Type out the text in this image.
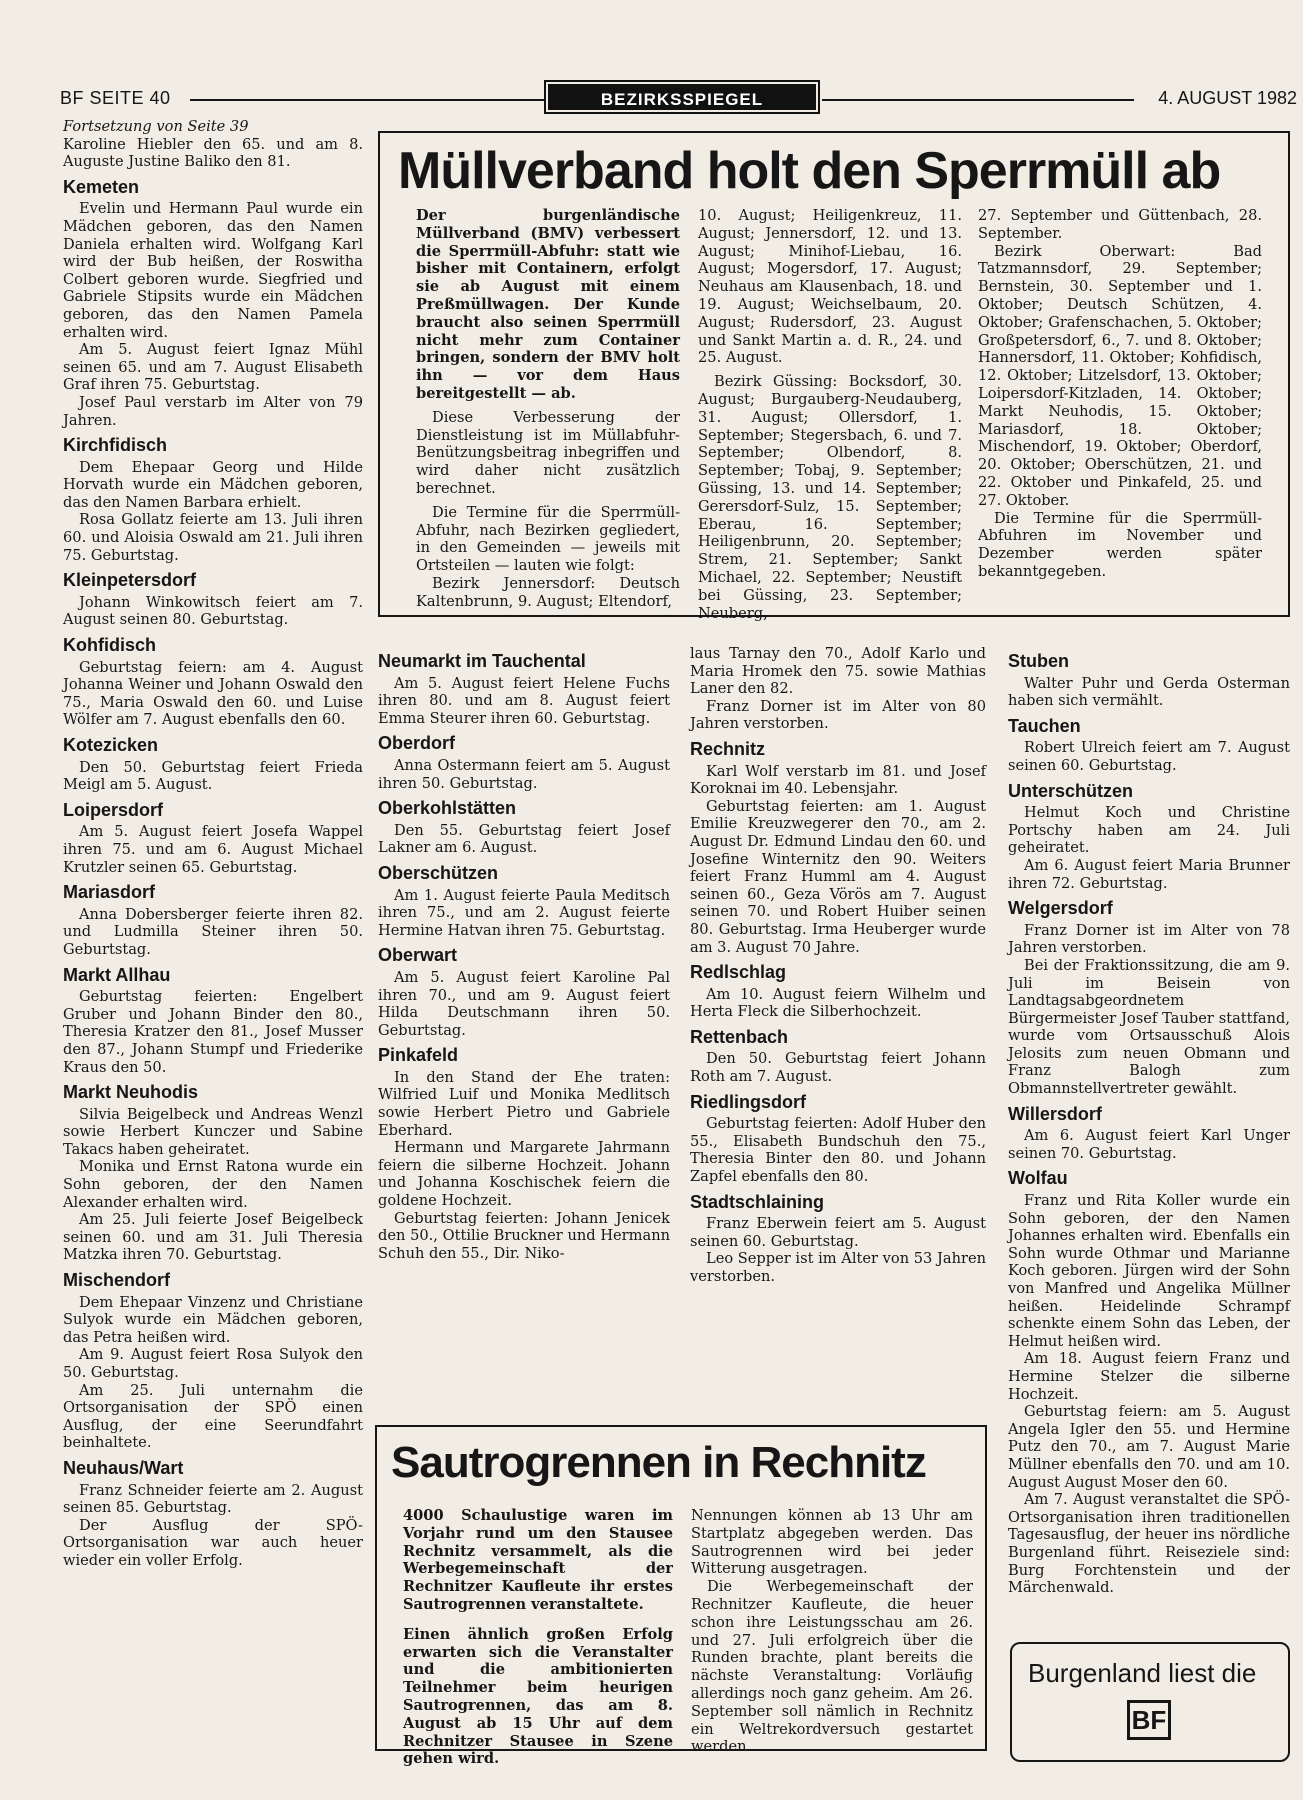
BF SEITE 40	BEZIRKSSPIEGEL	4. AUGUST 1982

Fortsetzung von Seite 39

Karoline Hiebler den 65. und am 8. Auguste Justine Baliko den 81.

Kemeten

Evelin und Hermann Paul wurde ein Mädchen geboren, das den Namen Daniela erhalten wird. Wolfgang Karl wird der Bub heißen, der Roswitha Colbert geboren wurde. Siegfried und Gabriele Stipsits wurde ein Mädchen geboren, das den Namen Pamela erhalten wird.

Am 5. August feiert Ignaz Mühl seinen 65. und am 7. August Elisabeth Graf ihren 75. Geburtstag.

Josef Paul verstarb im Alter von 79 Jahren.

Kirchfidisch

Dem Ehepaar Georg und Hilde Horvath wurde ein Mädchen geboren, das den Namen Barbara erhielt.

Rosa Gollatz feierte am 13. Juli ihren 60. und Aloisia Oswald am 21. Juli ihren 75. Geburtstag.

Kleinpetersdorf

Johann Winkowitsch feiert am 7. August seinen 80. Geburtstag.

Kohfidisch

Geburtstag feiern: am 4. August Johanna Weiner und Johann Oswald den 75., Maria Oswald den 60. und Luise Wölfer am 7. August ebenfalls den 60.

Kotezicken

Den 50. Geburtstag feiert Frieda Meigl am 5. August.

Loipersdorf

Am 5. August feiert Josefa Wappel ihren 75. und am 6. August Michael Krutzler seinen 65. Geburtstag.

Mariasdorf

Anna Dobersberger feierte ihren 82. und Ludmilla Steiner ihren 50. Geburtstag.

Markt Allhau

Geburtstag feierten: Engelbert Gruber und Johann Binder den 80., Theresia Kratzer den 81., Josef Musser den 87., Johann Stumpf und Friederike Kraus den 50.

Markt Neuhodis

Silvia Beigelbeck und Andreas Wenzl sowie Herbert Kunczer und Sabine Takacs haben geheiratet.

Monika und Ernst Ratona wurde ein Sohn geboren, der den Namen Alexander erhalten wird.

Am 25. Juli feierte Josef Beigelbeck seinen 60. und am 31. Juli Theresia Matzka ihren 70. Geburtstag.

Mischendorf

Dem Ehepaar Vinzenz und Christiane Sulyok wurde ein Mädchen geboren, das Petra heißen wird.

Am 9. August feiert Rosa Sulyok den 50. Geburtstag.

Am 25. Juli unternahm die Ortsorganisation der SPÖ einen Ausflug, der eine Seerundfahrt beinhaltete.

Neuhaus/Wart

Franz Schneider feierte am 2. August seinen 85. Geburtstag.

Der Ausflug der SPÖ-Ortsorganisation war auch heuer wieder ein voller Erfolg.

Müllverband holt den Sperrmüll ab

Der burgenländische Müllverband (BMV) verbessert die Sperrmüll-Abfuhr: statt wie bisher mit Containern, erfolgt sie ab August mit einem Preßmüllwagen. Der Kunde braucht also seinen Sperrmüll nicht mehr zum Container bringen, sondern der BMV holt ihn — vor dem Haus bereitgestellt — ab.

Diese Verbesserung der Dienstleistung ist im Müllabfuhr-Benützungsbeitrag inbegriffen und wird daher nicht zusätzlich berechnet.

Die Termine für die Sperrmüll-Abfuhr, nach Bezirken gegliedert, in den Gemeinden — jeweils mit Ortsteilen — lauten wie folgt:

Bezirk Jennersdorf: Deutsch Kaltenbrunn, 9. August; Eltendorf,

10. August; Heiligenkreuz, 11. August; Jennersdorf, 12. und 13. August; Minihof-Liebau, 16. August; Mogersdorf, 17. August; Neuhaus am Klausenbach, 18. und 19. August; Weichselbaum, 20. August; Rudersdorf, 23. August und Sankt Martin a. d. R., 24. und 25. August.

Bezirk Güssing: Bocksdorf, 30. August; Burgauberg-Neudauberg, 31. August; Ollersdorf, 1. September; Stegersbach, 6. und 7. September; Olbendorf, 8. September; Tobaj, 9. September; Güssing, 13. und 14. September; Gerersdorf-Sulz, 15. September; Eberau, 16. September; Heiligenbrunn, 20. September; Strem, 21. September; Sankt Michael, 22. September; Neustift bei Güssing, 23. September; Neuberg,

27. September und Güttenbach, 28. September.

Bezirk Oberwart: Bad Tatzmannsdorf, 29. September; Bernstein, 30. September und 1. Oktober; Deutsch Schützen, 4. Oktober; Grafenschachen, 5. Oktober; Großpetersdorf, 6., 7. und 8. Oktober; Hannersdorf, 11. Oktober; Kohfidisch, 12. Oktober; Litzelsdorf, 13. Oktober; Loipersdorf-Kitzladen, 14. Oktober; Markt Neuhodis, 15. Oktober; Mariasdorf, 18. Oktober; Mischendorf, 19. Oktober; Oberdorf, 20. Oktober; Oberschützen, 21. und 22. Oktober und Pinkafeld, 25. und 27. Oktober.

Die Termine für die Sperrmüll-Abfuhren im November und Dezember werden später bekanntgegeben.

Neumarkt im Tauchental

Am 5. August feiert Helene Fuchs ihren 80. und am 8. August feiert Emma Steurer ihren 60. Geburtstag.

Oberdorf

Anna Ostermann feiert am 5. August ihren 50. Geburtstag.

Oberkohlstätten

Den 55. Geburtstag feiert Josef Lakner am 6. August.

Oberschützen

Am 1. August feierte Paula Meditsch ihren 75., und am 2. August feierte Hermine Hatvan ihren 75. Geburtstag.

Oberwart

Am 5. August feiert Karoline Pal ihren 70., und am 9. August feiert Hilda Deutschmann ihren 50. Geburtstag.

Pinkafeld

In den Stand der Ehe traten: Wilfried Luif und Monika Medlitsch sowie Herbert Pietro und Gabriele Eberhard.

Hermann und Margarete Jahrmann feiern die silberne Hochzeit. Johann und Johanna Koschischek feiern die goldene Hochzeit.

Geburtstag feierten: Johann Jenicek den 50., Ottilie Bruckner und Hermann Schuh den 55., Dir. Niko-

laus Tarnay den 70., Adolf Karlo und Maria Hromek den 75. sowie Mathias Laner den 82.

Franz Dorner ist im Alter von 80 Jahren verstorben.

Rechnitz

Karl Wolf verstarb im 81. und Josef Koroknai im 40. Lebensjahr.

Geburtstag feierten: am 1. August Emilie Kreuzwegerer den 70., am 2. August Dr. Edmund Lindau den 60. und Josefine Winternitz den 90. Weiters feiert Franz Humml am 4. August seinen 60., Geza Vörös am 7. August seinen 70. und Robert Huiber seinen 80. Geburtstag. Irma Heuberger wurde am 3. August 70 Jahre.

Redlschlag

Am 10. August feiern Wilhelm und Herta Fleck die Silberhochzeit.

Rettenbach

Den 50. Geburtstag feiert Johann Roth am 7. August.

Riedlingsdorf

Geburtstag feierten: Adolf Huber den 55., Elisabeth Bundschuh den 75., Theresia Binter den 80. und Johann Zapfel ebenfalls den 80.

Stadtschlaining

Franz Eberwein feiert am 5. August seinen 60. Geburtstag.

Leo Sepper ist im Alter von 53 Jahren verstorben.

Stuben

Walter Puhr und Gerda Osterman haben sich vermählt.

Tauchen

Robert Ulreich feiert am 7. August seinen 60. Geburtstag.

Unterschützen

Helmut Koch und Christine Portschy haben am 24. Juli geheiratet.

Am 6. August feiert Maria Brunner ihren 72. Geburtstag.

Welgersdorf

Franz Dorner ist im Alter von 78 Jahren verstorben.

Bei der Fraktionssitzung, die am 9. Juli im Beisein von Landtagsabgeordnetem Bürgermeister Josef Tauber stattfand, wurde vom Ortsausschuß Alois Jelosits zum neuen Obmann und Franz Balogh zum Obmannstellvertreter gewählt.

Willersdorf

Am 6. August feiert Karl Unger seinen 70. Geburtstag.

Wolfau

Franz und Rita Koller wurde ein Sohn geboren, der den Namen Johannes erhalten wird. Ebenfalls ein Sohn wurde Othmar und Marianne Koch geboren. Jürgen wird der Sohn von Manfred und Angelika Müllner heißen. Heidelinde Schrampf schenkte einem Sohn das Leben, der Helmut heißen wird.

Am 18. August feiern Franz und Hermine Stelzer die silberne Hochzeit.

Geburtstag feiern: am 5. August Angela Igler den 55. und Hermine Putz den 70., am 7. August Marie Müllner ebenfalls den 70. und am 10. August August Moser den 60.

Am 7. August veranstaltet die SPÖ-Ortsorganisation ihren traditionellen Tagesausflug, der heuer ins nördliche Burgenland führt. Reiseziele sind: Burg Forchtenstein und der Märchenwald.

Sautrogrennen in Rechnitz

4000 Schaulustige waren im Vorjahr rund um den Stausee Rechnitz versammelt, als die Werbegemeinschaft der Rechnitzer Kaufleute ihr erstes Sautrogrennen veranstaltete.

Einen ähnlich großen Erfolg erwarten sich die Veranstalter und die ambitionierten Teilnehmer beim heurigen Sautrogrennen, das am 8. August ab 15 Uhr auf dem Rechnitzer Stausee in Szene gehen wird.

Nennungen können ab 13 Uhr am Startplatz abgegeben werden. Das Sautrogrennen wird bei jeder Witterung ausgetragen.

Die Werbegemeinschaft der Rechnitzer Kaufleute, die heuer schon ihre Leistungsschau am 26. und 27. Juli erfolgreich über die Runden brachte, plant bereits die nächste Veranstaltung: Vorläufig allerdings noch ganz geheim. Am 26. September soll nämlich in Rechnitz ein Weltrekordversuch gestartet werden.

Burgenland liest die
BF
